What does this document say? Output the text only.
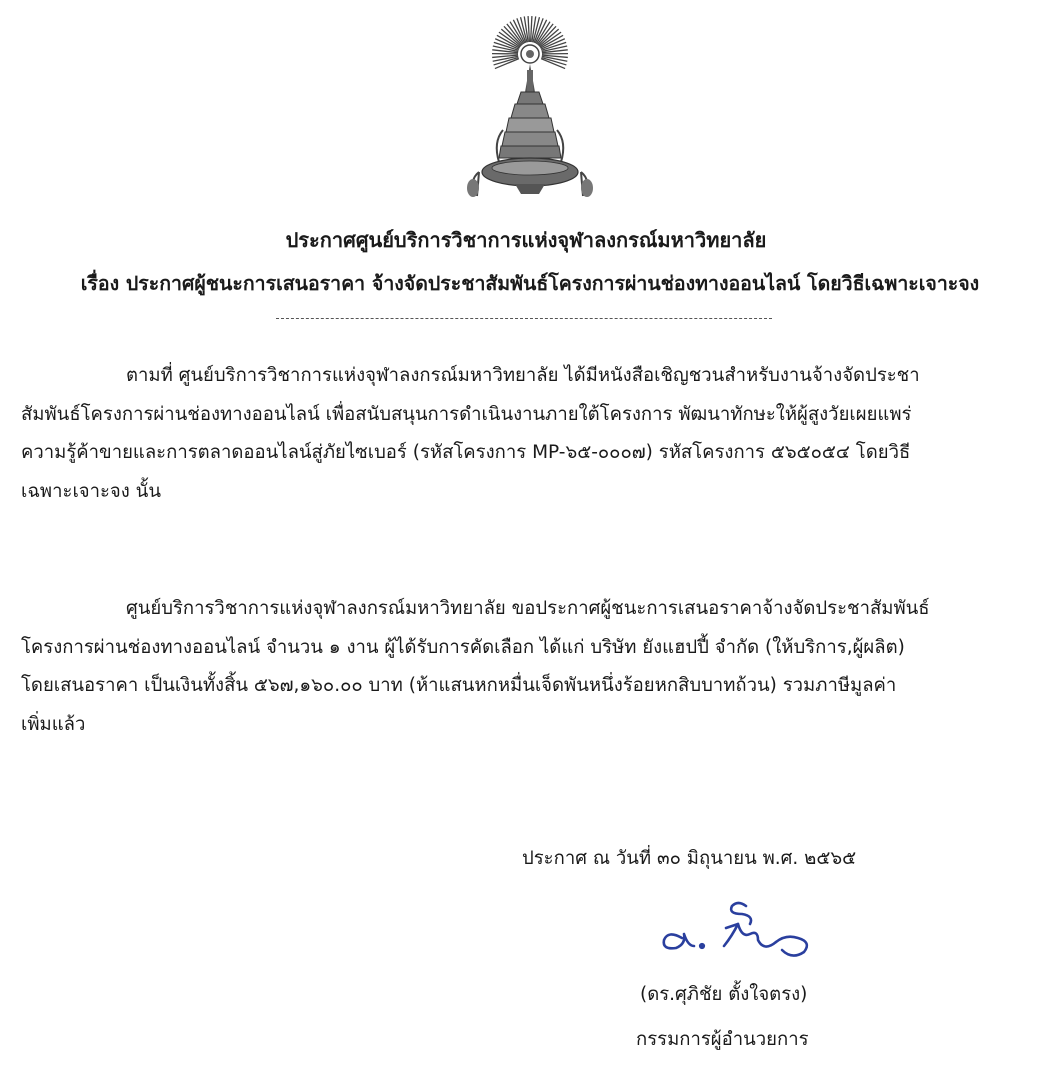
ประกาศศูนย์บริการวิชาการแห่งจุฬาลงกรณ์มหาวิทยาลัย
เรื่อง ประกาศผู้ชนะการเสนอราคา จ้างจัดประชาสัมพันธ์โครงการผ่านช่องทางออนไลน์ โดยวิธีเฉพาะเจาะจง
ตามที่ ศูนย์บริการวิชาการแห่งจุฬาลงกรณ์มหาวิทยาลัย ได้มีหนังสือเชิญชวนสำหรับงานจ้างจัดประชา
สัมพันธ์โครงการผ่านช่องทางออนไลน์ เพื่อสนับสนุนการดำเนินงานภายใต้โครงการ พัฒนาทักษะให้ผู้สูงวัยเผยแพร่
ความรู้ค้าขายและการตลาดออนไลน์สู่ภัยไซเบอร์ (รหัสโครงการ MP-๖๕-๐๐๐๗) รหัสโครงการ ๕๖๕๐๕๔ โดยวิธี
เฉพาะเจาะจง นั้น
ศูนย์บริการวิชาการแห่งจุฬาลงกรณ์มหาวิทยาลัย ขอประกาศผู้ชนะการเสนอราคาจ้างจัดประชาสัมพันธ์
โครงการผ่านช่องทางออนไลน์ จำนวน ๑ งาน ผู้ได้รับการคัดเลือก ได้แก่ บริษัท ยังแฮปปี้ จำกัด (ให้บริการ,ผู้ผลิต)
โดยเสนอราคา เป็นเงินทั้งสิ้น ๕๖๗,๑๖๐.๐๐ บาท (ห้าแสนหกหมื่นเจ็ดพันหนึ่งร้อยหกสิบบาทถ้วน) รวมภาษีมูลค่า
เพิ่มแล้ว
ประกาศ ณ วันที่ ๓๐ มิถุนายน พ.ศ. ๒๕๖๕
(ดร.ศุภิชัย ตั้งใจตรง)
กรรมการผู้อำนวยการ
